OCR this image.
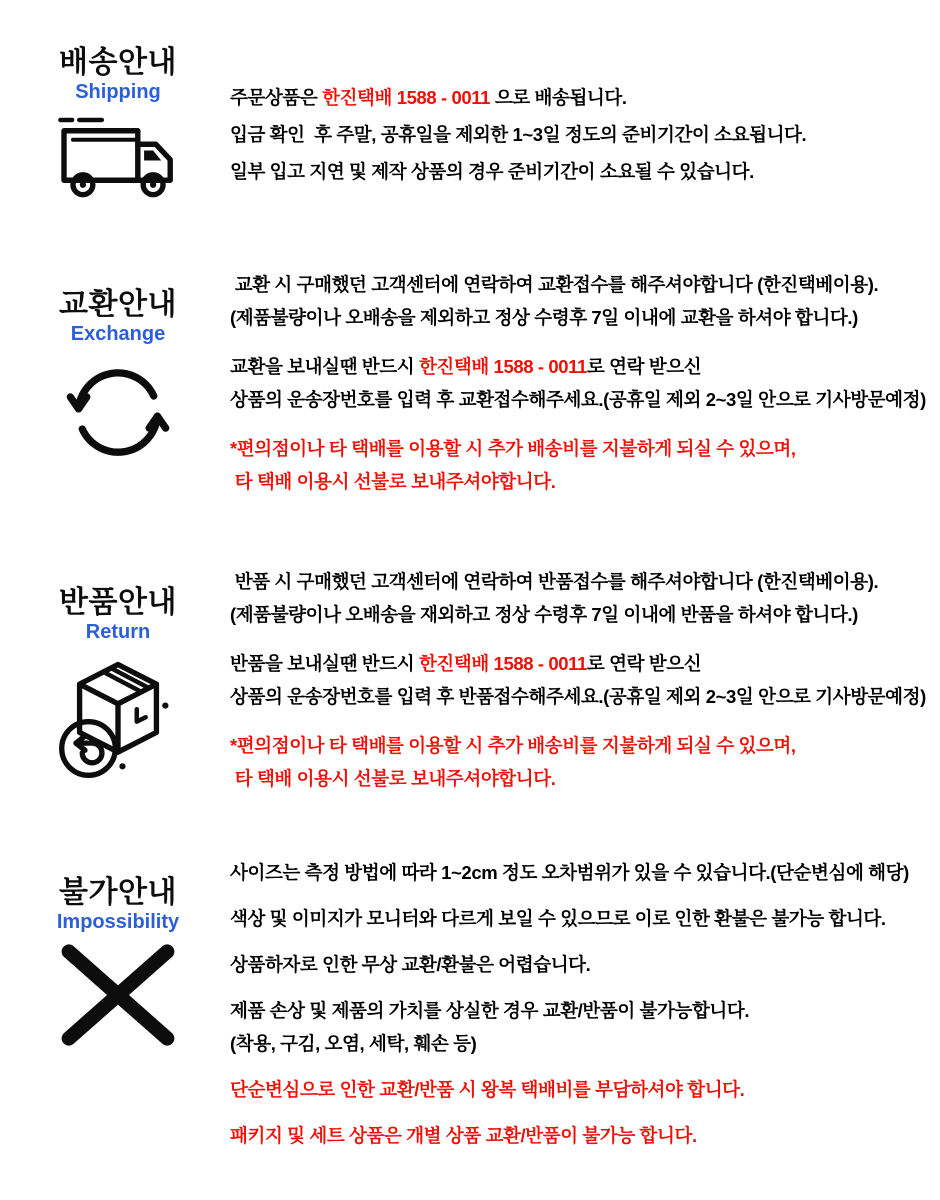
배송안내
Shipping	주문상품은 한진택배 1588 - 0011 으로 배송됩니다.
입금 확인  후 주말, 공휴일을 제외한 1~3일 정도의 준비기간이 소요됩니다.
일부 입고 지연 및 제작 상품의 경우 준비기간이 소요될 수 있습니다.
교환안내
Exchange
교환 시 구매했던 고객센터에 연락하여 교환접수를 해주셔야합니다 (한진택베이용).
(제품불량이나 오배송을 제외하고 정상 수령후 7일 이내에 교환을 하셔야 합니다.)
교환을 보내실땐 반드시 한진택배 1588 - 0011로 연락 받으신
상품의 운송장번호를 입력 후 교환접수해주세요.(공휴일 제외 2~3일 안으로 기사방문예정)
*편의점이나 타 택배를 이용할 시 추가 배송비를 지불하게 되실 수 있으며,
타 택배 이용시 선불로 보내주셔야합니다.
반품안내
Return
반품 시 구매했던 고객센터에 연락하여 반품접수를 해주셔야합니다 (한진택베이용).
(제품불량이나 오배송을 재외하고 정상 수령후 7일 이내에 반품을 하셔야 합니다.)
반품을 보내실땐 반드시 한진택배 1588 - 0011로 연락 받으신
상품의 운송장번호를 입력 후 반품접수해주세요.(공휴일 제외 2~3일 안으로 기사방문예정)
*편의점이나 타 택배를 이용할 시 추가 배송비를 지불하게 되실 수 있으며,
타 택배 이용시 선불로 보내주셔야합니다.
불가안내
Impossibility
사이즈는 측정 방법에 따라 1~2cm 정도 오차범위가 있을 수 있습니다.(단순변심에 해당)
색상 및 이미지가 모니터와 다르게 보일 수 있으므로 이로 인한 환불은 불가능 합니다.
상품하자로 인한 무상 교환/환불은 어렵습니다.
제품 손상 및 제품의 가치를 상실한 경우 교환/반품이 불가능합니다.
(착용, 구김, 오염, 세탁, 훼손 등)
단순변심으로 인한 교환/반품 시 왕복 택배비를 부담하셔야 합니다.
패키지 및 세트 상품은 개별 상품 교환/반품이 불가능 합니다.
